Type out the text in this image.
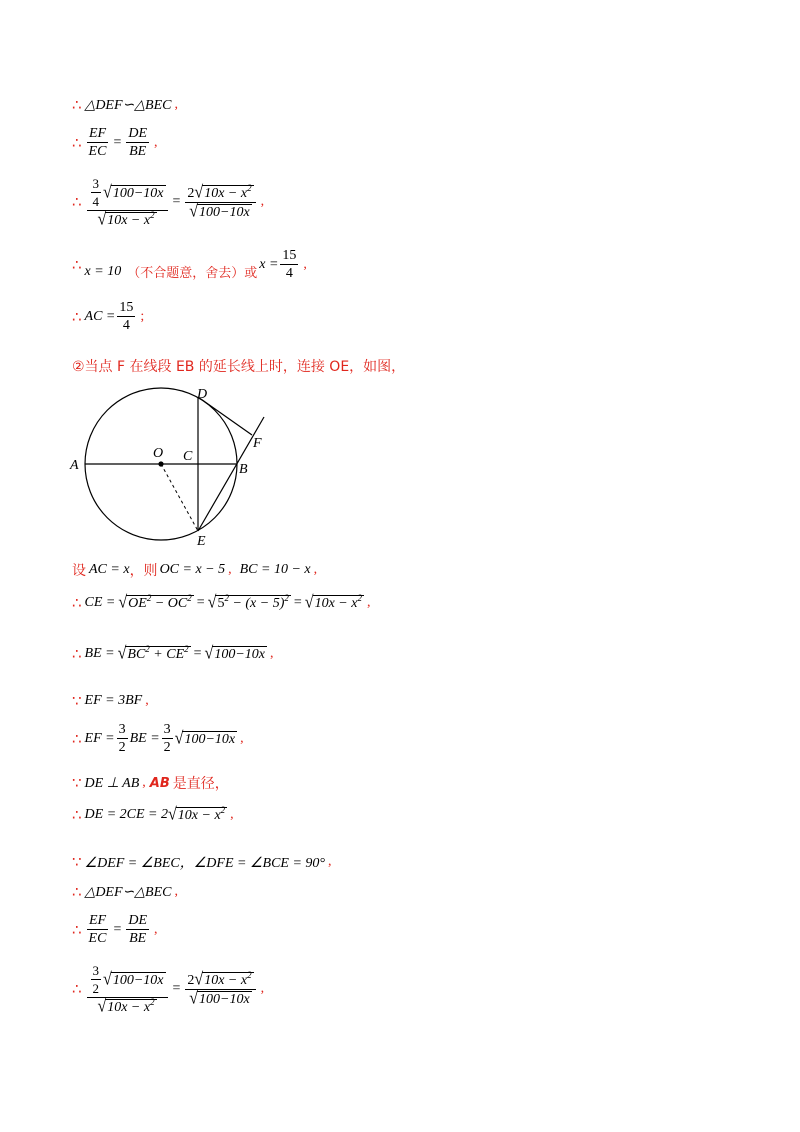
∴ △DEF∽△BEC ,
∴ $\frac{EF}{EC} = \frac{DE}{BE}$ ,
∴ $\frac{\frac{3}{4} √ 100-10x}{√ 10x - x^2} = \frac{2 √ 10x - x^2}{√ 100-10x}$ ,
∴ x = 10 （不合题意，舍去）或
$x = \frac{15}{4}$ ,
∴ AC = $\frac{15}{4}$ ;
②当点 F 在线段 EB 的延长线上时，连接 OE，如图，
A
O C
B
D
E
F
设 AC = x ，则 OC = x − 5 , BC = 10 − x ,
∴ CE = √ $OE^2 - OC^2$ = √ $5^2 - (x - 5)^2$ = √ $10x - x^2$ ,
∴ BE = √ $BC^2 + CE^2$ = √ 100−10x ,
∵ EF = 3BF ,
∴ EF = $\frac{3}{2}$ BE = $\frac{3}{2}$ √ 100−10x ,
∵ DE ⊥ AB , AB 是直径，
∴ DE = 2CE = 2 √ $10x - x^2$ ,
∵ ∠DEF = ∠BEC，∠DFE = ∠BCE = 90° ,
∴ △DEF∽△BEC ,
∴ $\frac{EF}{EC} = \frac{DE}{BE}$ ,
∴ $\frac{\frac{3}{2} √ 100-10x}{√ 10x - x^2} = \frac{2 √ 10x - x^2}{√ 100-10x}$ ,
